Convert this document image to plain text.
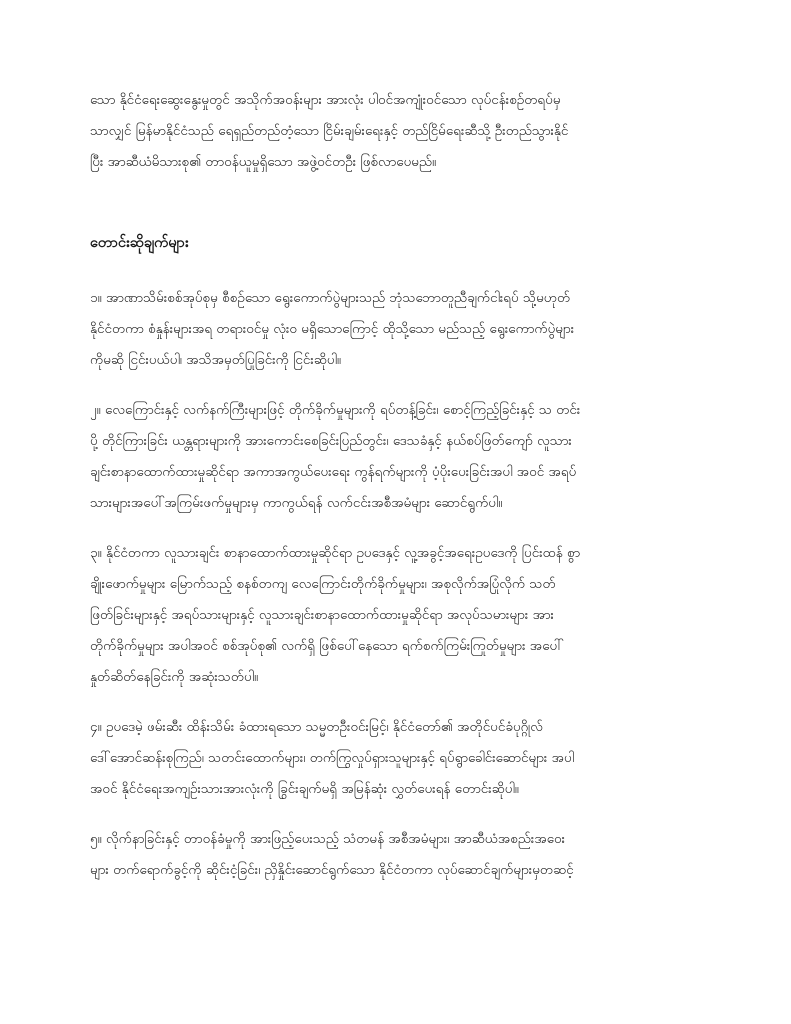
သော နိုင်ငံရေးဆွေးနွေးမှုတွင် အသိုက်အဝန်းများ အားလုံး ပါဝင်အကျုံးဝင်သော လုပ်ငန်းစဉ်တရပ်မှ
သာလျှင် မြန်မာနိုင်ငံသည် ရေရှည်တည်တံ့သော ငြိမ်းချမ်းရေးနှင့် တည်ငြိမ်ရေးဆီသို့ ဦးတည်သွားနိုင်
ပြီး အာဆီယံမိသားစု၏ တာဝန်ယူမှုရှိသော အဖွဲ့ဝင်တဦး ဖြစ်လာပေမည်။
တောင်းဆိုချက်များ
၁။ အာဏာသိမ်းစစ်အုပ်စုမှ စီစဉ်သော ရွေးကောက်ပွဲများသည် ဘုံသဘောတူညီချက်ငါးရပ် သို့မဟုတ်
နိုင်ငံတကာ စံနှုန်းများအရ တရားဝင်မှု လုံးဝ မရှိသောကြောင့် ထိုသို့သော မည်သည့် ရွေးကောက်ပွဲများ
ကိုမဆို ငြင်းပယ်ပါ၊ အသိအမှတ်ပြုခြင်းကို ငြင်းဆိုပါ။
၂။ လေကြောင်းနှင့် လက်နက်ကြီးများဖြင့် တိုက်ခိုက်မှုများကို ရပ်တန့်ခြင်း၊ စောင့်ကြည့်ခြင်းနှင့် သ တင်း
ပို့ တိုင်ကြားခြင်း ယန္တရားများကို အားကောင်းစေခြင်းပြည်တွင်း၊ ဒေသခံနှင့် နယ်စပ်ဖြတ်ကျော် လူသား
ချင်းစာနာထောက်ထားမှုဆိုင်ရာ အကာအကွယ်ပေးရေး ကွန်ရက်များကို ပံ့ပိုးပေးခြင်းအပါ အဝင် အရပ်
သားများအပေါ်အကြမ်းဖက်မှုများမှ ကာကွယ်ရန် လက်ငင်းအစီအမံများ ဆောင်ရွက်ပါ။
၃။ နိုင်ငံတကာ လူသားချင်း စာနာထောက်ထားမှုဆိုင်ရာ ဥပဒေနှင့် လူ့အခွင့်အရေးဥပဒေကို ပြင်းထန် စွာ
ချိုးဖောက်မှုများ မြောက်သည့် စနစ်တကျ လေကြောင်းတိုက်ခိုက်မှုများ၊ အစုလိုက်အပြုံလိုက် သတ်
ဖြတ်ခြင်းများနှင့် အရပ်သားများနှင့် လူသားချင်းစာနာထောက်ထားမှုဆိုင်ရာ အလုပ်သမားများ အား
တိုက်ခိုက်မှုများ အပါအဝင် စစ်အုပ်စု၏ လက်ရှိ ဖြစ်ပေါ်နေသော ရက်စက်ကြမ်းကြုတ်မှုများ အပေါ်
နှုတ်ဆိတ်နေခြင်းကို အဆုံးသတ်ပါ။
၄။ ဥပဒေမဲ့ ဖမ်းဆီး ထိန်းသိမ်း ခံထားရသော သမ္မတဦးဝင်းမြင့်၊ နိုင်ငံတော်၏ အတိုင်ပင်ခံပုဂ္ဂိုလ်
ဒေါ်အောင်ဆန်းစုကြည်၊ သတင်းထောက်များ၊ တက်ကြွလှုပ်ရှားသူများနှင့် ရပ်ရွာခေါင်းဆောင်များ အပါ
အဝင် နိုင်ငံရေးအကျဉ်းသားအားလုံးကို ခြွင်းချက်မရှိ အမြန်ဆုံး လွှတ်ပေးရန် တောင်းဆိုပါ။
၅။ လိုက်နာခြင်းနှင့် တာဝန်ခံမှုကို အားဖြည့်ပေးသည့် သံတမန် အစီအမံများ၊ အာဆီယံအစည်းအဝေး
များ တက်ရောက်ခွင့်ကို ဆိုင်းငံ့ခြင်း၊ ညှိနှိုင်းဆောင်ရွက်သော နိုင်ငံတကာ လုပ်ဆောင်ချက်များမှတဆင့်
